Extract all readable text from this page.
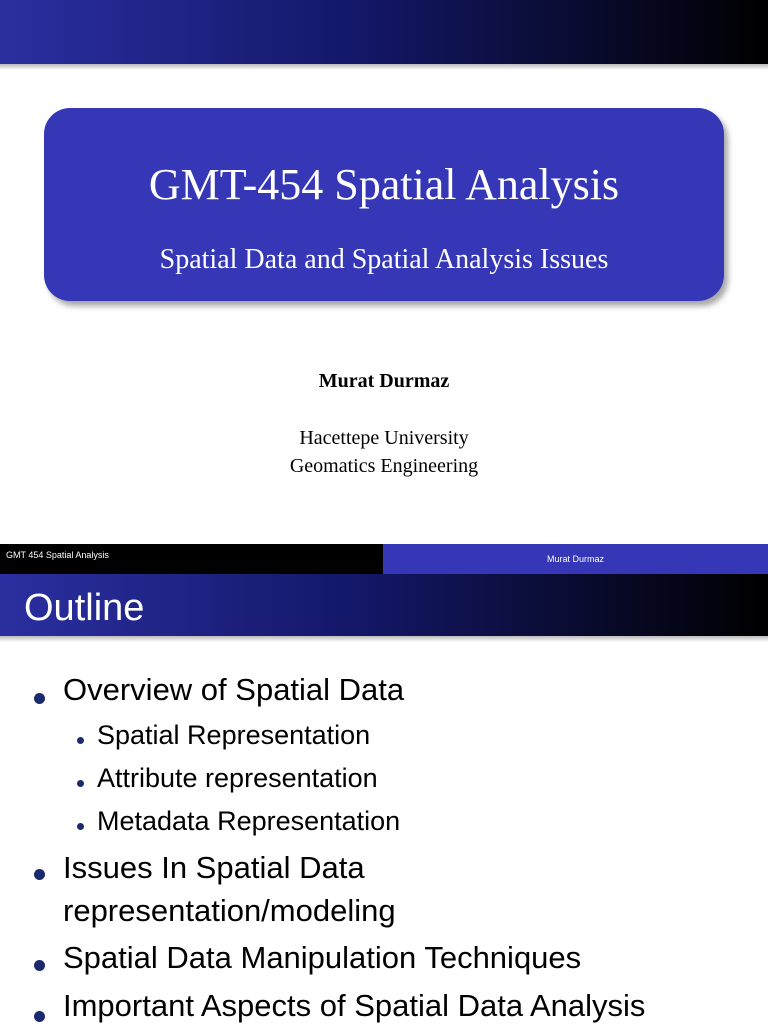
GMT-454 Spatial Analysis
Spatial Data and Spatial Analysis Issues
Murat Durmaz
Hacettepe University
Geomatics Engineering
GMT 454 Spatial Analysis	Murat Durmaz
Outline
Overview of Spatial Data
Spatial Representation
Attribute representation
Metadata Representation
Issues In Spatial Data
representation/modeling
Spatial Data Manipulation Techniques
Important Aspects of Spatial Data Analysis
